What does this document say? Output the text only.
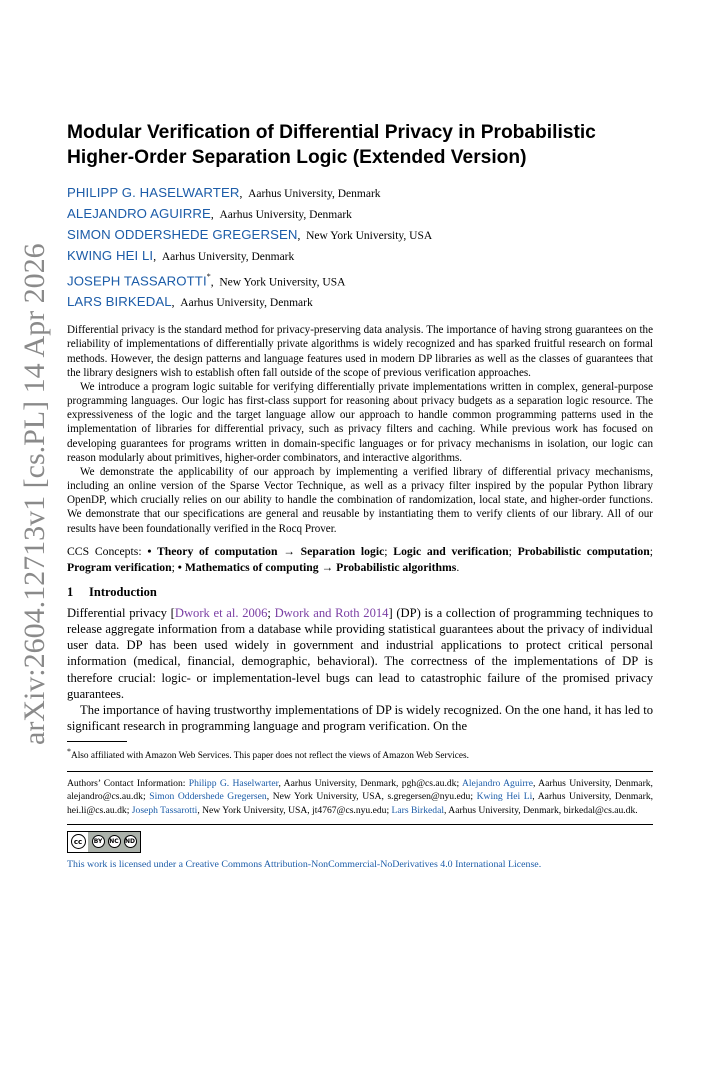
arXiv:2604.12713v1 [cs.PL] 14 Apr 2026
Modular Verification of Differential Privacy in Probabilistic
Higher-Order Separation Logic (Extended Version)
PHILIPP G. HASELWARTER,  Aarhus University, Denmark
ALEJANDRO AGUIRRE,  Aarhus University, Denmark
SIMON ODDERSHEDE GREGERSEN,  New York University, USA
KWING HEI LI,  Aarhus University, Denmark
JOSEPH TASSAROTTI*,  New York University, USA
LARS BIRKEDAL,  Aarhus University, Denmark

Differential privacy is the standard method for privacy-preserving data analysis. The importance of having strong guarantees on the reliability of implementations of differentially private algorithms is widely recognized and has sparked fruitful research on formal methods. However, the design patterns and language features used in modern DP libraries as well as the classes of guarantees that the library designers wish to establish often fall outside of the scope of previous verification approaches.

We introduce a program logic suitable for verifying differentially private implementations written in complex, general-purpose programming languages. Our logic has first-class support for reasoning about privacy budgets as a separation logic resource. The expressiveness of the logic and the target language allow our approach to handle common programming patterns used in the implementation of libraries for differential privacy, such as privacy filters and caching. While previous work has focused on developing guarantees for programs written in domain-specific languages or for privacy mechanisms in isolation, our logic can reason modularly about primitives, higher-order combinators, and interactive algorithms.

We demonstrate the applicability of our approach by implementing a verified library of differential privacy mechanisms, including an online version of the Sparse Vector Technique, as well as a privacy filter inspired by the popular Python library OpenDP, which crucially relies on our ability to handle the combination of randomization, local state, and higher-order functions. We demonstrate that our specifications are general and reusable by instantiating them to verify clients of our library. All of our results have been foundationally verified in the Rocq Prover.

CCS Concepts: • Theory of computation → Separation logic; Logic and verification; Probabilistic computation; Program verification; • Mathematics of computing → Probabilistic algorithms.
1 Introduction

Differential privacy [Dwork et al. 2006; Dwork and Roth 2014] (DP) is a collection of programming techniques to release aggregate information from a database while providing statistical guarantees about the privacy of individual user data. DP has been used widely in government and industrial applications to protect critical personal information (medical, financial, demographic, behavioral). The correctness of the implementations of DP is therefore crucial: logic- or implementation-level bugs can lead to catastrophic failure of the promised privacy guarantees.

The importance of having trustworthy implementations of DP is widely recognized. On the one hand, it has led to significant research in programming language and program verification. On the

*Also affiliated with Amazon Web Services. This paper does not reflect the views of Amazon Web Services.
Authors’ Contact Information: Philipp G. Haselwarter, Aarhus University, Denmark, pgh@cs.au.dk; Alejandro Aguirre, Aarhus University, Denmark, alejandro@cs.au.dk; Simon Oddershede Gregersen, New York University, USA, s.gregersen@nyu.edu; Kwing Hei Li, Aarhus University, Denmark, hei.li@cs.au.dk; Joseph Tassarotti, New York University, USA, jt4767@cs.nyu.edu; Lars Birkedal, Aarhus University, Denmark, birkedal@cs.au.dk.
cc	BY	NC ND
This work is licensed under a Creative Commons Attribution-NonCommercial-NoDerivatives 4.0 International License.
